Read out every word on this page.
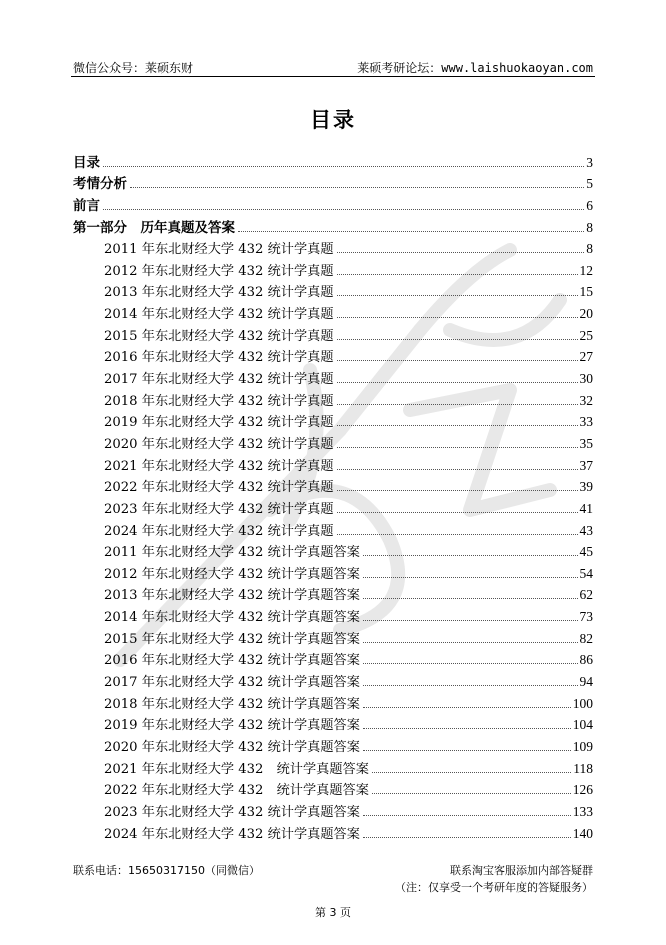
微信公众号：莱硕东财	莱硕考研论坛：www.laishuokaoyan.com
目录
目录	3
考情分析	5
前言	6
第一部分　历年真题及答案	8
2011 年东北财经大学 432 统计学真题	8
2012 年东北财经大学 432 统计学真题	12
2013 年东北财经大学 432 统计学真题	15
2014 年东北财经大学 432 统计学真题	20
2015 年东北财经大学 432 统计学真题	25
2016 年东北财经大学 432 统计学真题	27
2017 年东北财经大学 432 统计学真题	30
2018 年东北财经大学 432 统计学真题	32
2019 年东北财经大学 432 统计学真题	33
2020 年东北财经大学 432 统计学真题	35
2021 年东北财经大学 432 统计学真题	37
2022 年东北财经大学 432 统计学真题	39
2023 年东北财经大学 432 统计学真题	41
2024 年东北财经大学 432 统计学真题	43
2011 年东北财经大学 432 统计学真题答案	45
2012 年东北财经大学 432 统计学真题答案	54
2013 年东北财经大学 432 统计学真题答案	62
2014 年东北财经大学 432 统计学真题答案	73
2015 年东北财经大学 432 统计学真题答案	82
2016 年东北财经大学 432 统计学真题答案	86
2017 年东北财经大学 432 统计学真题答案	94
2018 年东北财经大学 432 统计学真题答案	100
2019 年东北财经大学 432 统计学真题答案	104
2020 年东北财经大学 432 统计学真题答案	109
2021 年东北财经大学 432　统计学真题答案	118
2022 年东北财经大学 432　统计学真题答案	126
2023 年东北财经大学 432 统计学真题答案	133
2024 年东北财经大学 432 统计学真题答案	140
联系电话：15650317150（同微信）	联系淘宝客服添加内部答疑群
（注：仅享受一个考研年度的答疑服务）
第 3 页
